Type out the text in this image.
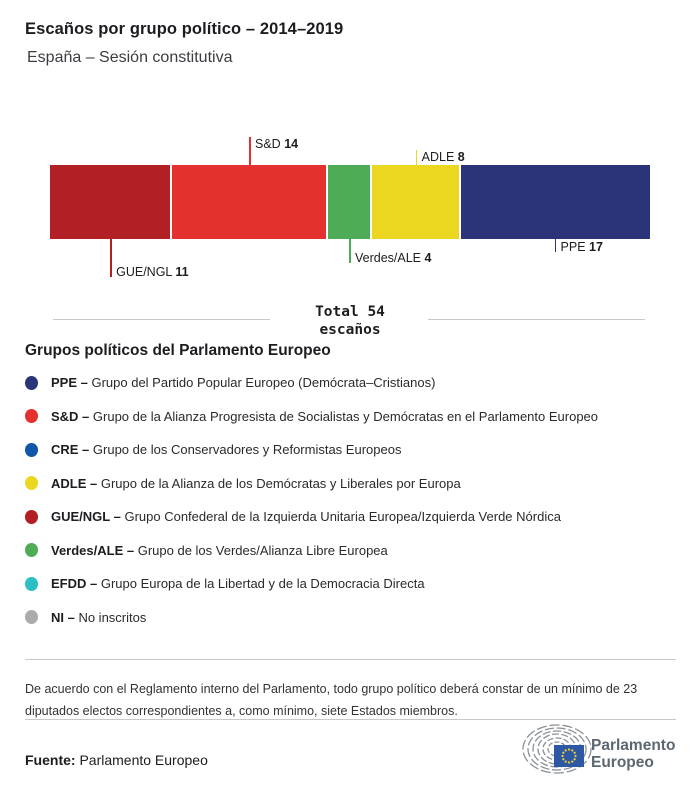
Escaños por grupo político – 2014–2019
España – Sesión constitutiva
GUE/NGL 11
S&D 14
Verdes/ALE 4
ADLE 8
PPE 17
Total 54
escaños
Grupos políticos del Parlamento Europeo
PPE – Grupo del Partido Popular Europeo (Demócrata–Cristianos)
S&D – Grupo de la Alianza Progresista de Socialistas y Demócratas en el Parlamento Europeo
CRE – Grupo de los Conservadores y Reformistas Europeos
ADLE – Grupo de la Alianza de los Demócratas y Liberales por Europa
GUE/NGL – Grupo Confederal de la Izquierda Unitaria Europea/Izquierda Verde Nórdica
Verdes/ALE – Grupo de los Verdes/Alianza Libre Europea
EFDD – Grupo Europa de la Libertad y de la Democracia Directa
NI – No inscritos
De acuerdo con el Reglamento interno del Parlamento, todo grupo político deberá constar de un mínimo de 23 diputados electos correspondientes a, como mínimo, siete Estados miembros.
Fuente: Parlamento Europeo
Parlamento
Europeo
